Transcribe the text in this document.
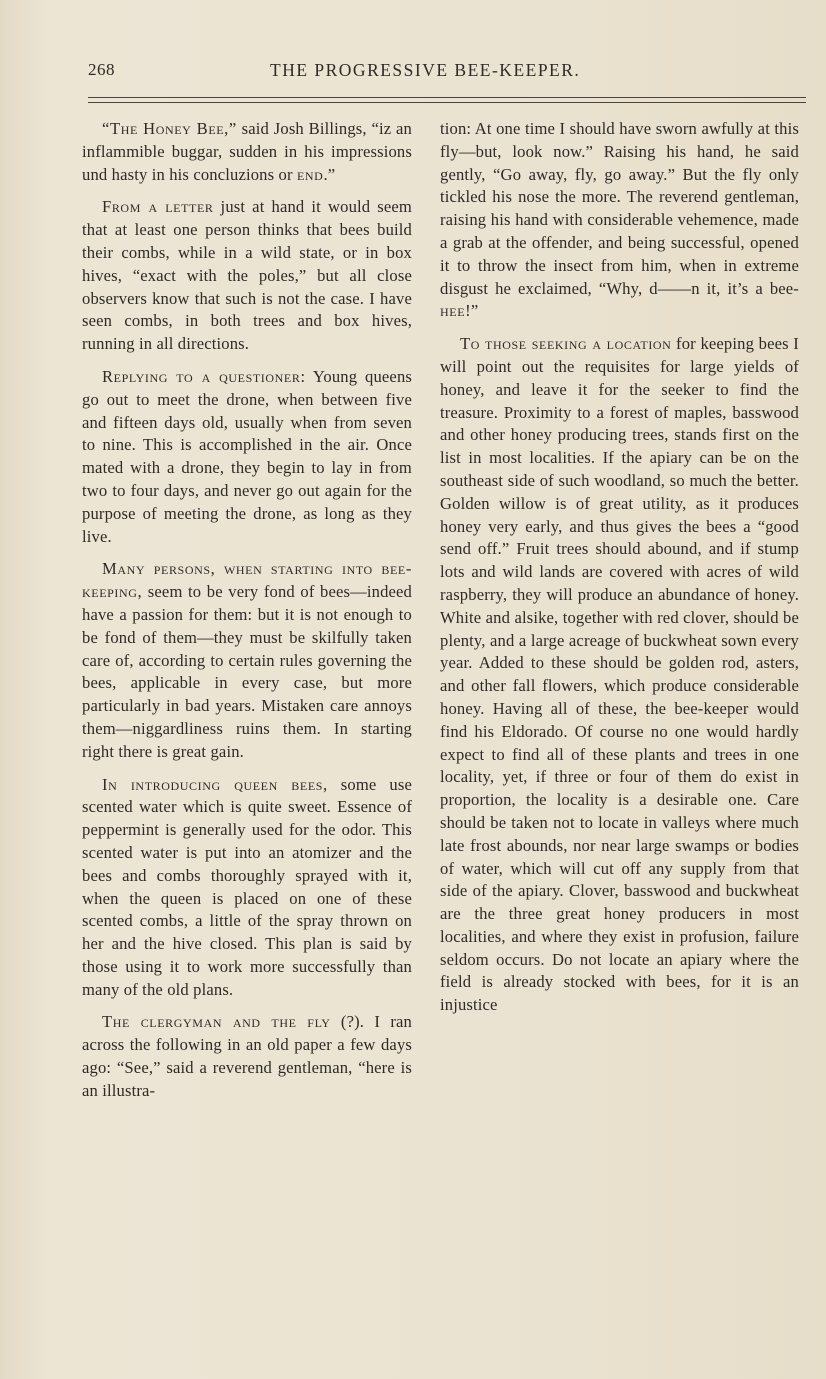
268	THE PROGRESSIVE BEE-KEEPER.

“The Honey Bee,” said Josh Billings, “iz an inflammible buggar, sudden in his impressions und hasty in his concluzions or end.”

From a letter just at hand it would seem that at least one person thinks that bees build their combs, while in a wild state, or in box hives, “exact with the poles,” but all close observers know that such is not the case. I have seen combs, in both trees and box hives, running in all directions.

Replying to a questioner: Young queens go out to meet the drone, when between five and fifteen days old, usually when from seven to nine. This is accomplished in the air. Once mated with a drone, they begin to lay in from two to four days, and never go out again for the purpose of meeting the drone, as long as they live.

Many persons, when starting into bee-keeping, seem to be very fond of bees—indeed have a passion for them: but it is not enough to be fond of them—they must be skilfully taken care of, according to certain rules governing the bees, applicable in every case, but more particularly in bad years. Mistaken care annoys them—niggardliness ruins them. In starting right there is great gain.

In introducing queen bees, some use scented water which is quite sweet. Essence of peppermint is generally used for the odor. This scented water is put into an atomizer and the bees and combs thoroughly sprayed with it, when the queen is placed on one of these scented combs, a little of the spray thrown on her and the hive closed. This plan is said by those using it to work more successfully than many of the old plans.

The clergyman and the fly (?). I ran across the following in an old paper a few days ago: “See,” said a reverend gentleman, “here is an illustra-

tion: At one time I should have sworn awfully at this fly—but, look now.” Raising his hand, he said gently, “Go away, fly, go away.” But the fly only tickled his nose the more. The reverend gentleman, raising his hand with considerable vehemence, made a grab at the offender, and being successful, opened it to throw the insect from him, when in extreme disgust he exclaimed, “Why, d——n it, it’s a bee-hee!”

To those seeking a location for keeping bees I will point out the requisites for large yields of honey, and leave it for the seeker to find the treasure. Proximity to a forest of maples, basswood and other honey producing trees, stands first on the list in most localities. If the apiary can be on the southeast side of such woodland, so much the better. Golden willow is of great utility, as it produces honey very early, and thus gives the bees a “good send off.” Fruit trees should abound, and if stump lots and wild lands are covered with acres of wild raspberry, they will produce an abundance of honey. White and alsike, together with red clover, should be plenty, and a large acreage of buckwheat sown every year. Added to these should be golden rod, asters, and other fall flowers, which produce considerable honey. Having all of these, the bee-keeper would find his Eldorado. Of course no one would hardly expect to find all of these plants and trees in one locality, yet, if three or four of them do exist in proportion, the locality is a desirable one. Care should be taken not to locate in valleys where much late frost abounds, nor near large swamps or bodies of water, which will cut off any supply from that side of the apiary. Clover, basswood and buckwheat are the three great honey producers in most localities, and where they exist in profusion, failure seldom occurs. Do not locate an apiary where the field is already stocked with bees, for it is an injustice
